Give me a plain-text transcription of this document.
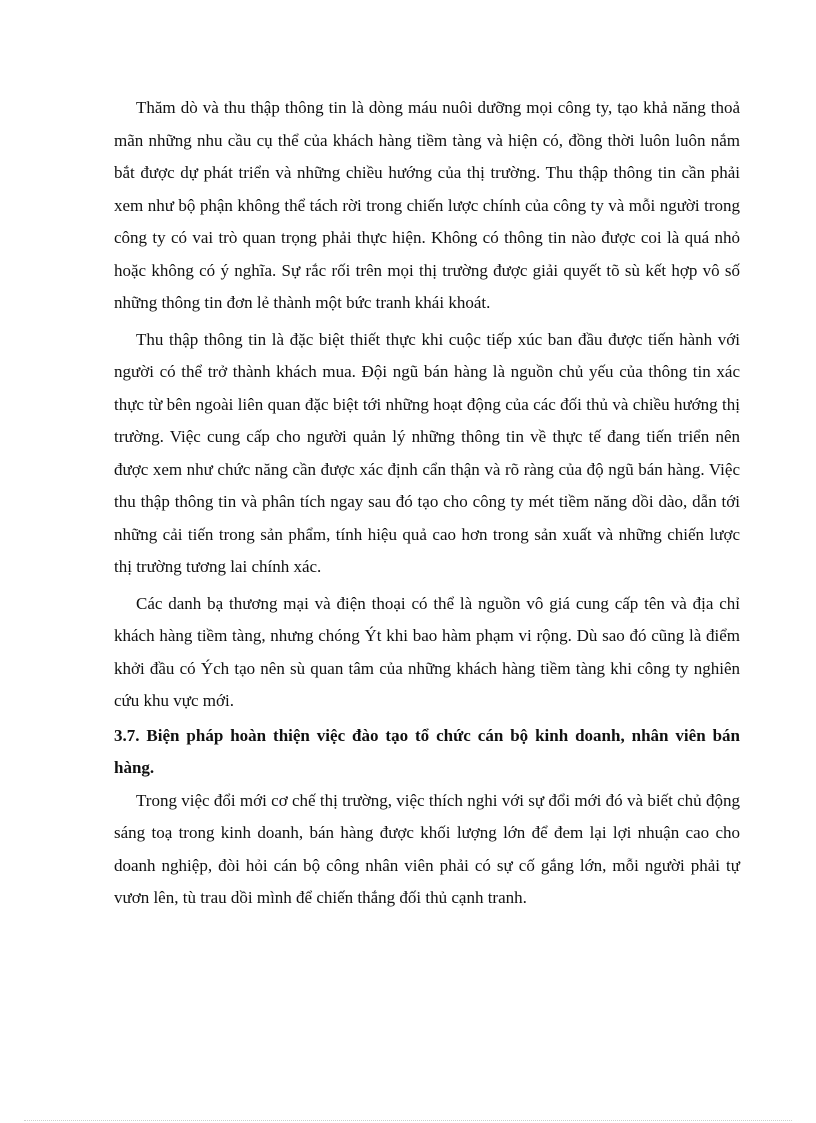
Thăm dò và thu thập thông tin là dòng máu nuôi dưỡng mọi công ty, tạo khả năng thoả mãn những nhu cầu cụ thể của khách hàng tiềm tàng và hiện có, đồng thời luôn luôn nắm bắt được dự phát triển và những chiều hướng của thị trường. Thu thập thông tin cần phải xem như bộ phận không thể tách rời trong chiến lược chính của công ty và mỗi người trong công ty có vai trò quan trọng phải thực hiện. Không có thông tin nào được coi là quá nhỏ hoặc không có ý nghĩa. Sự rắc rối trên mọi thị trường được giải quyết tõ sù kết hợp vô số những thông tin đơn lẻ thành một bức tranh khái khoát.

Thu thập thông tin là đặc biệt thiết thực khi cuộc tiếp xúc ban đầu được tiến hành với người có thể trở thành khách mua. Đội ngũ bán hàng là nguồn chủ yếu của thông tin xác thực từ bên ngoài liên quan đặc biệt tới những hoạt động của các đối thủ và chiều hướng thị trường. Việc cung cấp cho người quản lý những thông tin về thực tế đang tiến triển nên được xem như chức năng cần được xác định cẩn thận và rõ ràng của độ ngũ bán hàng. Việc thu thập thông tin và phân tích ngay sau đó tạo cho công ty mét tiềm năng dồi dào, dẫn tới những cải tiến trong sản phẩm, tính hiệu quả cao hơn trong sản xuất và những chiến lược thị trường tương lai chính xác.

Các danh bạ thương mại và điện thoại có thể là nguồn vô giá cung cấp tên và địa chỉ khách hàng tiềm tàng, nhưng chóng Ýt khi bao hàm phạm vi rộng. Dù sao đó cũng là điểm khởi đầu có Ých tạo nên sù quan tâm của những khách hàng tiềm tàng khi công ty nghiên cứu khu vực mới.

3.7. Biện pháp hoàn thiện việc đào tạo tổ chức cán bộ kinh doanh, nhân viên bán hàng.

Trong việc đổi mới cơ chế thị trường, việc thích nghi với sự đổi mới đó và biết chủ động sáng toạ trong kinh doanh, bán hàng được khối lượng lớn để đem lại lợi nhuận cao cho doanh nghiệp, đòi hỏi cán bộ công nhân viên phải có sự cố gắng lớn, mỗi người phải tự vươn lên, tù trau dồi mình để chiến thắng đối thủ cạnh tranh.
